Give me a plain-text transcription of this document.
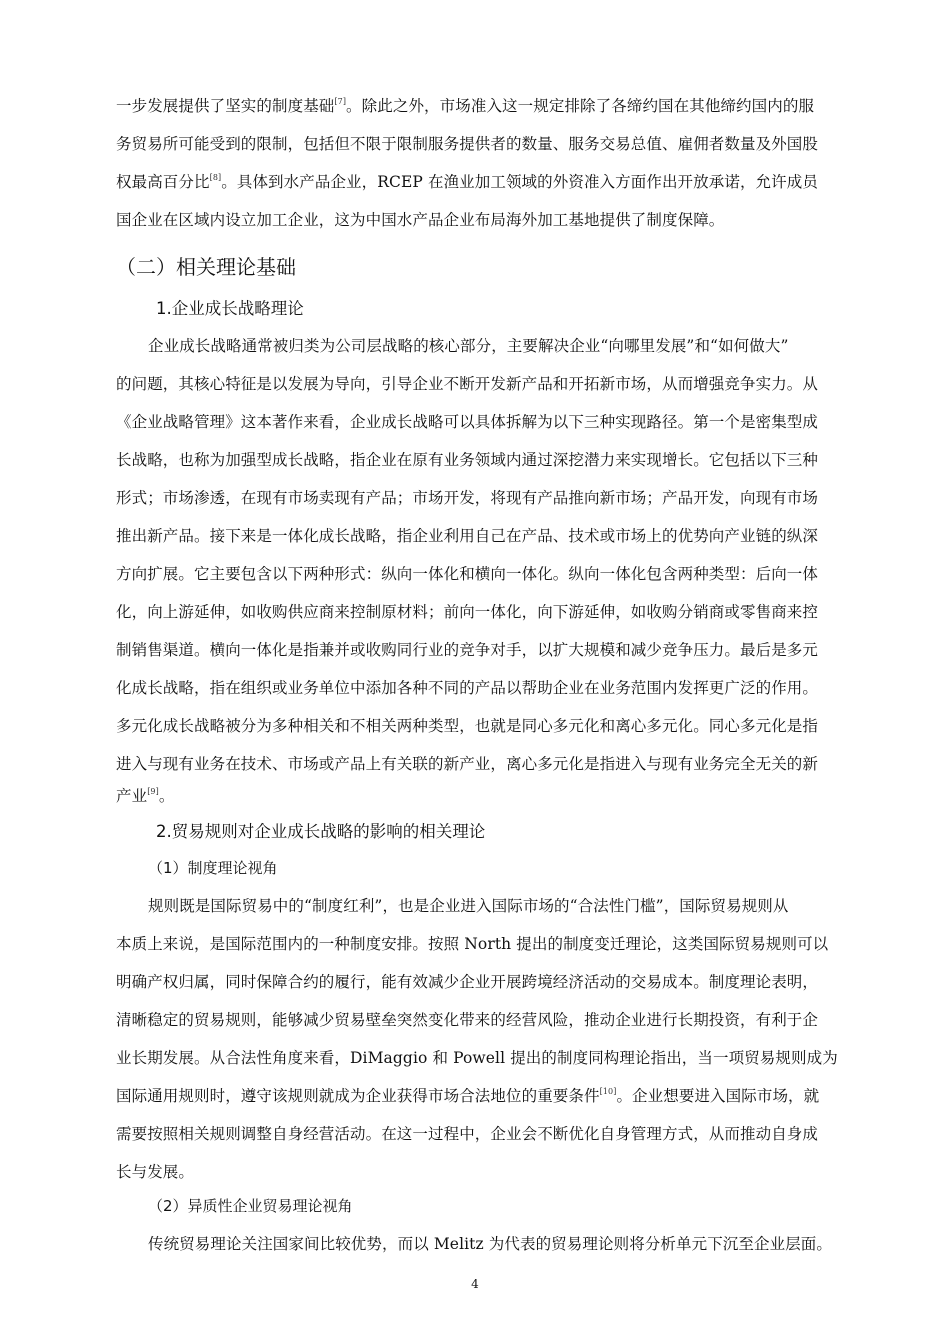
一步发展提供了坚实的制度基础[7]。除此之外，市场准入这一规定排除了各缔约国在其他缔约国内的服
务贸易所可能受到的限制，包括但不限于限制服务提供者的数量、服务交易总值、雇佣者数量及外国股
权最高百分比[8]。具体到水产品企业，RCEP 在渔业加工领域的外资准入方面作出开放承诺，允许成员
国企业在区域内设立加工企业，这为中国水产品企业布局海外加工基地提供了制度保障。
（二）相关理论基础
1.企业成长战略理论
企业成长战略通常被归类为公司层战略的核心部分，主要解决企业“向哪里发展”和“如何做大”
的问题，其核心特征是以发展为导向，引导企业不断开发新产品和开拓新市场，从而增强竞争实力。从
《企业战略管理》这本著作来看，企业成长战略可以具体拆解为以下三种实现路径。第一个是密集型成
长战略，也称为加强型成长战略，指企业在原有业务领域内通过深挖潜力来实现增长。它包括以下三种
形式；市场渗透，在现有市场卖现有产品；市场开发，将现有产品推向新市场；产品开发，向现有市场
推出新产品。接下来是一体化成长战略，指企业利用自己在产品、技术或市场上的优势向产业链的纵深
方向扩展。它主要包含以下两种形式：纵向一体化和横向一体化。纵向一体化包含两种类型：后向一体
化，向上游延伸，如收购供应商来控制原材料；前向一体化，向下游延伸，如收购分销商或零售商来控
制销售渠道。横向一体化是指兼并或收购同行业的竞争对手，以扩大规模和减少竞争压力。最后是多元
化成长战略，指在组织或业务单位中添加各种不同的产品以帮助企业在业务范围内发挥更广泛的作用。
多元化成长战略被分为多种相关和不相关两种类型，也就是同心多元化和离心多元化。同心多元化是指
进入与现有业务在技术、市场或产品上有关联的新产业，离心多元化是指进入与现有业务完全无关的新
产业[9]。
2.贸易规则对企业成长战略的影响的相关理论
（1）制度理论视角
规则既是国际贸易中的“制度红利”，也是企业进入国际市场的“合法性门槛”，国际贸易规则从
本质上来说，是国际范围内的一种制度安排。按照 North 提出的制度变迁理论，这类国际贸易规则可以
明确产权归属，同时保障合约的履行，能有效减少企业开展跨境经济活动的交易成本。制度理论表明，
清晰稳定的贸易规则，能够减少贸易壁垒突然变化带来的经营风险，推动企业进行长期投资，有利于企
业长期发展。从合法性角度来看，DiMaggio 和 Powell 提出的制度同构理论指出，当一项贸易规则成为
国际通用规则时，遵守该规则就成为企业获得市场合法地位的重要条件[10]。企业想要进入国际市场，就
需要按照相关规则调整自身经营活动。在这一过程中，企业会不断优化自身管理方式，从而推动自身成
长与发展。
（2）异质性企业贸易理论视角
传统贸易理论关注国家间比较优势，而以 Melitz 为代表的贸易理论则将分析单元下沉至企业层面。
4
